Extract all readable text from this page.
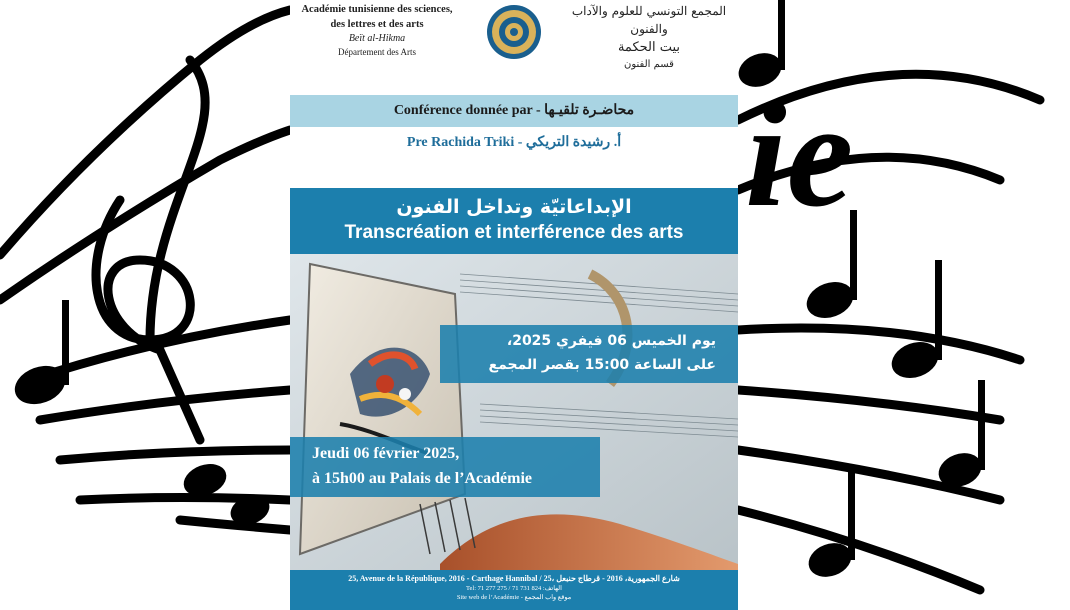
ie
Académie tunisienne des sciences,
des lettres et des arts
Beït al-Hikma
Département des Arts
المجمع التونسي للعلوم والآداب والفنون
بيت الحكمة
قسم الفنون
Conférence donnée par - محاضـرة تلقيـها
Pre Rachida Triki - أ. رشيدة التريكي
الإبداعاتيّة وتداخل الفنون
Transcréation et interférence des arts
يوم الخميس 06 فيفري 2025،
على الساعة 15:00 بقصر المجمع
Jeudi 06 février 2025,
à 15h00 au Palais de l’Académie
25, Avenue de la République, 2016 - Carthage Hannibal / 25، شارع الجمهورية، 2016 - قرطاج حنبعل
Tel: 71 277 275 / 71 731 824 :الهاتف
Site web de l’Académie - موقع واب المجمع
